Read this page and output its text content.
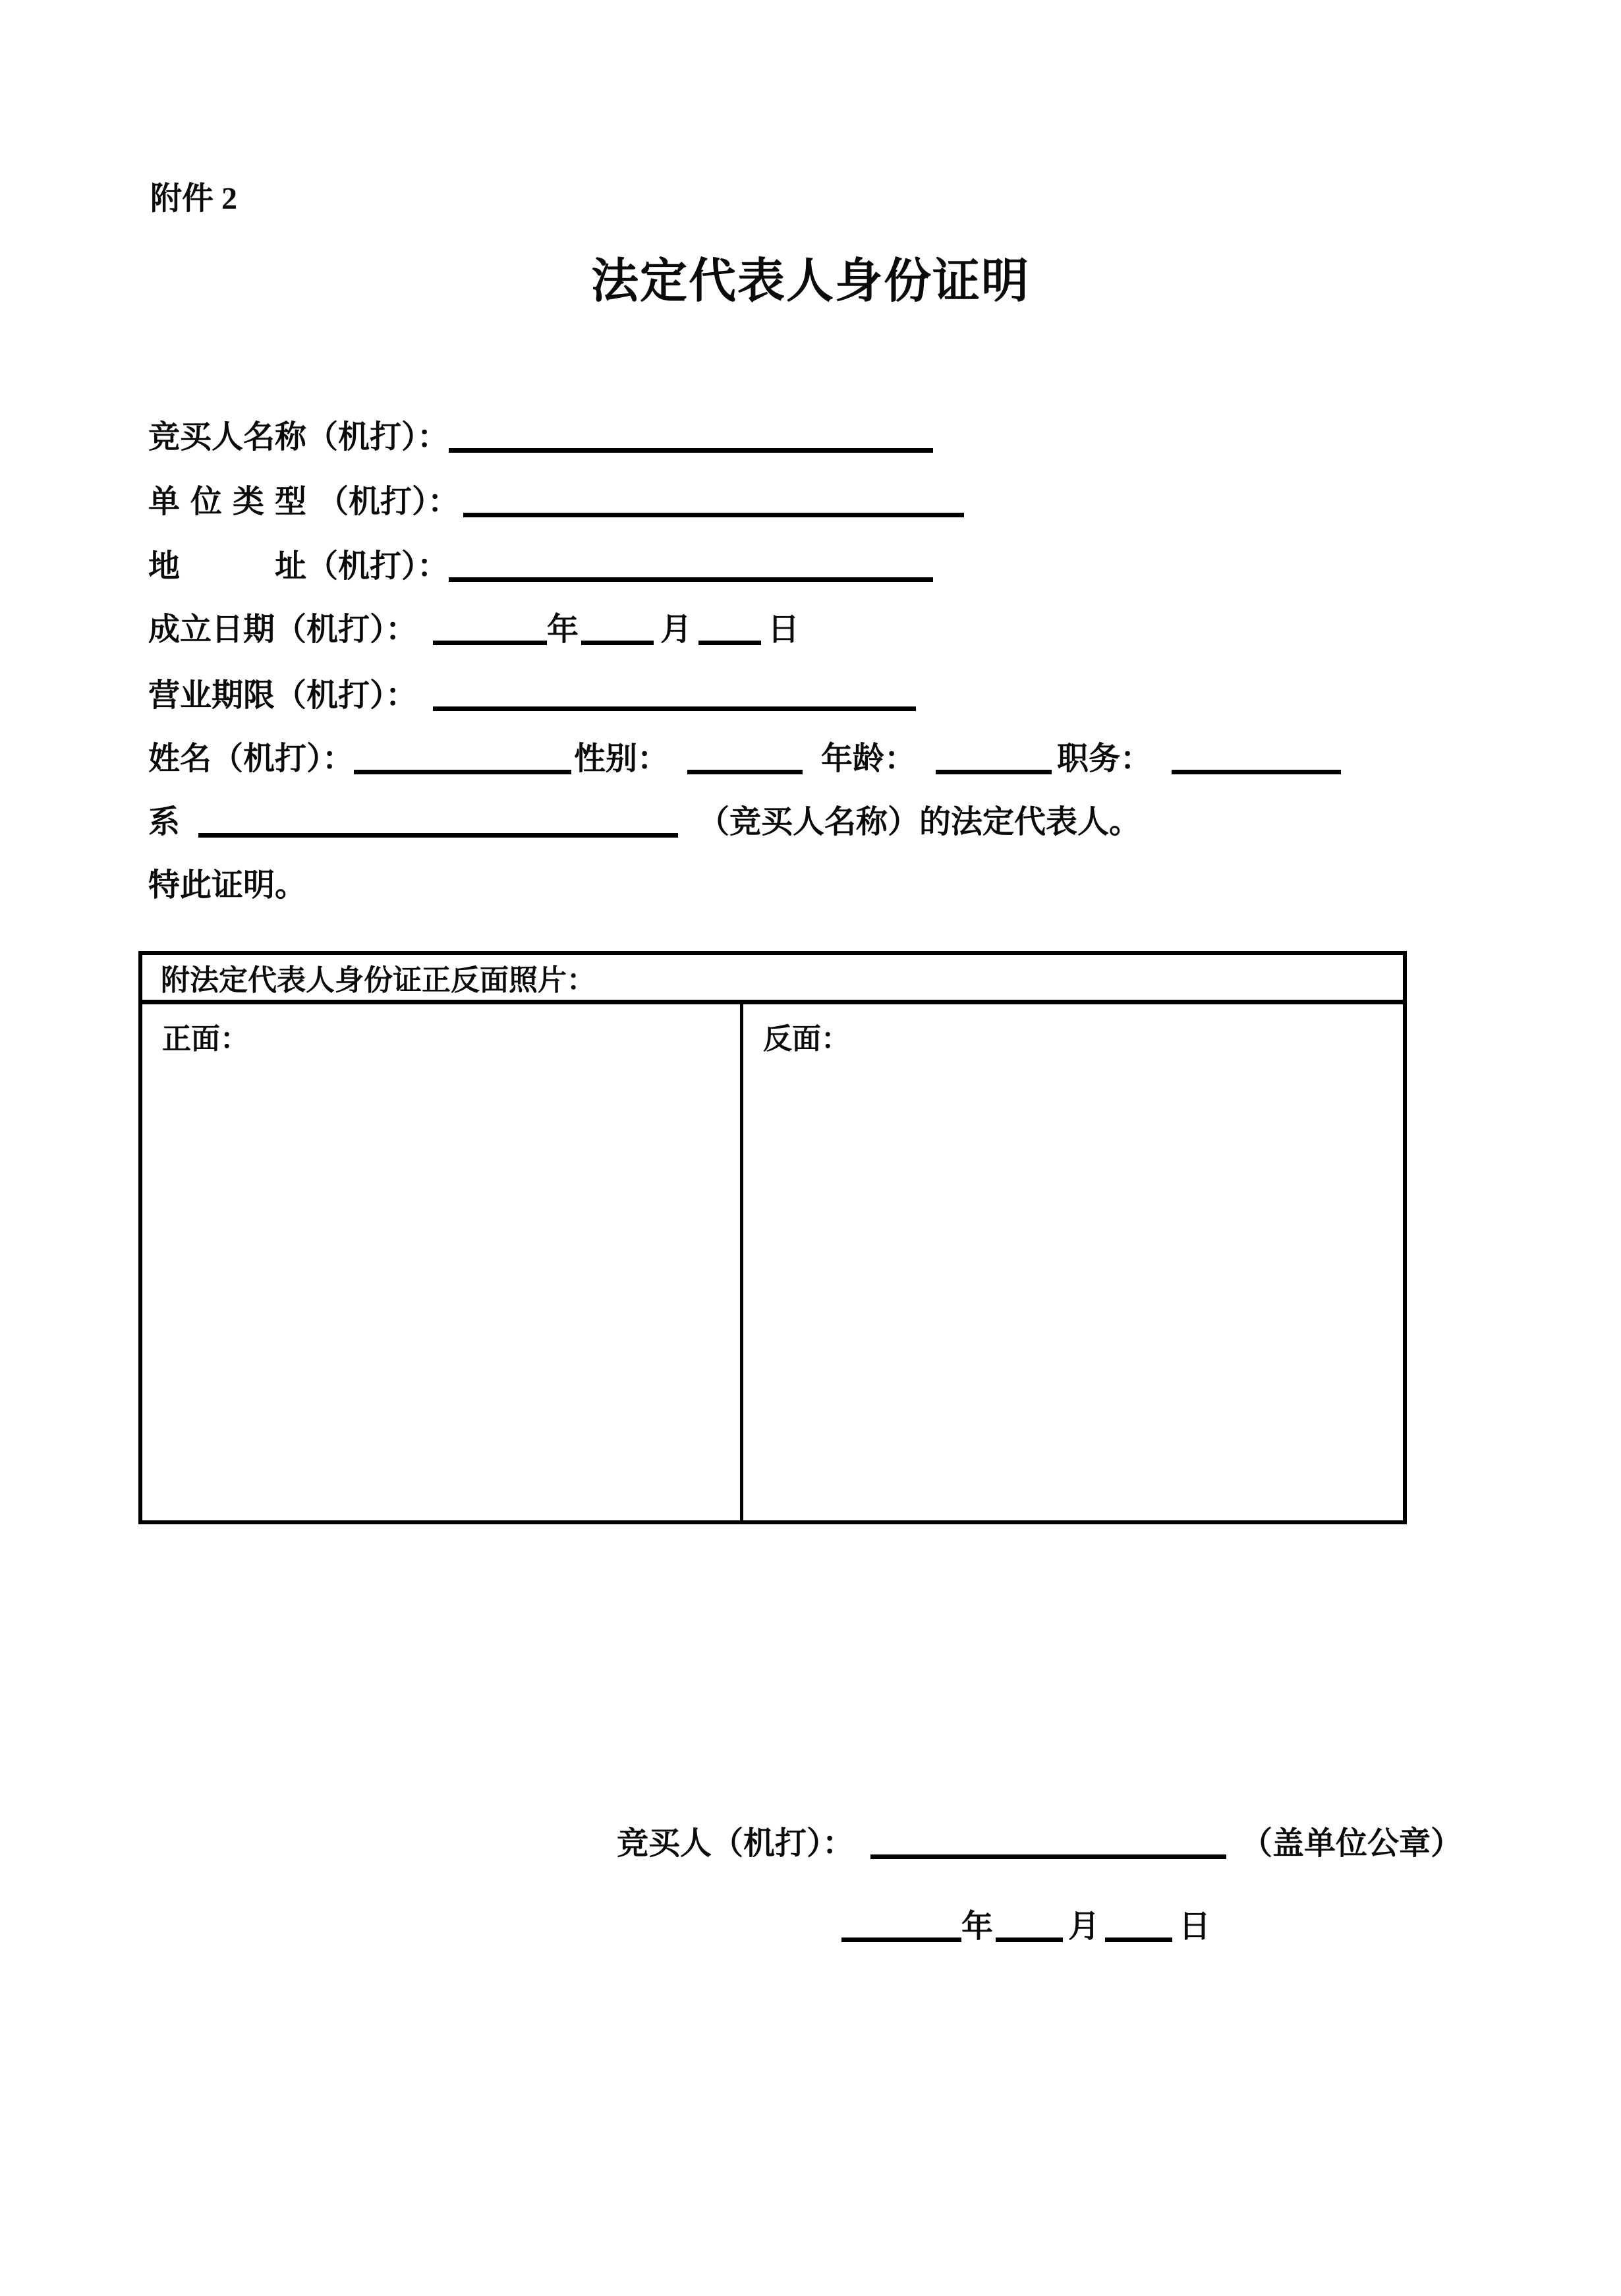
附件 2
法定代表人身份证明
竞买人名称（机打）：
单位类型（机打）：
地	址（机打）：
成立日期（机打）：	年	月 日
营业期限（机打）：
姓名（机打）：	性别：	年龄：	职务：
系	（竞买人名称）的法定代表人。
特此证明。
附法定代表人身份证正反面照片：
正面：	反面：
竞买人（机打）：	（盖单位公章）
年 月	日
